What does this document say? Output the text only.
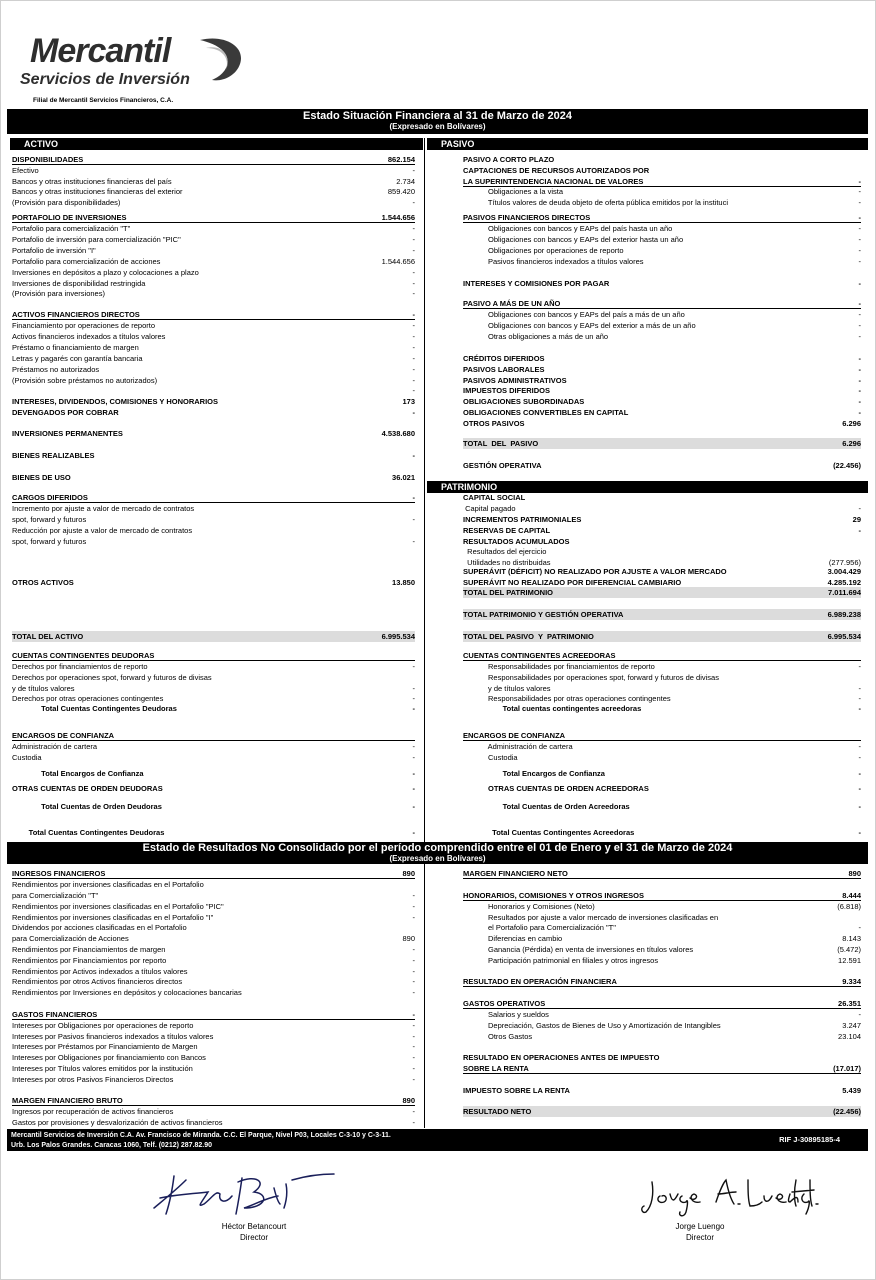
Mercantil
Servicios de Inversión
Filial de Mercantil Servicios Financieros, C.A.
Estado Situación Financiera al 31 de Marzo de 2024
(Expresado en Bolívares)
ACTIVO	PASIVO
PATRIMONIO
DISPONIBILIDADES	862.154
Efectivo	-
Bancos y otras instituciones financieras del país	2.734
Bancos y otras instituciones financieras del exterior	859.420
(Provisión para disponibilidades)	-
PORTAFOLIO DE INVERSIONES	1.544.656
Portafolio para comercialización "T"	-
Portafolio de inversión para comercialización "PIC"	-
Portafolio de inversión "I"	-
Portafolio para comercialización de acciones	1.544.656
Inversiones en depósitos a plazo y colocaciones a plazo	-
Inversiones de disponibilidad restringida	-
(Provisión para inversiones)	-
ACTIVOS FINANCIEROS DIRECTOS	-
Financiamiento por operaciones de reporto	-
Activos financieros indexados a títulos valores	-
Préstamo o financiamiento de margen	-
Letras y pagarés con garantía bancaria	-
Préstamos no autorizados	-
(Provisión sobre préstamos no autorizados)	-
-
INTERESES, DIVIDENDOS, COMISIONES Y HONORARIOS	173
DEVENGADOS POR COBRAR	-
INVERSIONES PERMANENTES	4.538.680
BIENES REALIZABLES	-
BIENES DE USO	36.021
CARGOS DIFERIDOS	-
Incremento por ajuste a valor de mercado de contratos
spot, forward y futuros	-
Reducción por ajuste a valor de mercado de contratos
spot, forward y futuros	-
OTROS ACTIVOS	13.850
TOTAL DEL ACTIVO	6.995.534
CUENTAS CONTINGENTES DEUDORAS
Derechos por financiamientos de reporto	-
Derechos por operaciones spot, forward y futuros de divisas
y de títulos valores	-
Derechos por otras operaciones contingentes	-
Total Cuentas Contingentes Deudoras	-
ENCARGOS DE CONFIANZA
Administración de cartera	-
Custodia	-
Total Encargos de Confianza	-
OTRAS CUENTAS DE ORDEN DEUDORAS	-
Total Cuentas de Orden Deudoras	-
Total Cuentas Contingentes Deudoras	-
PASIVO A CORTO PLAZO
CAPTACIONES DE RECURSOS AUTORIZADOS POR
LA SUPERINTENDENCIA NACIONAL DE VALORES	-
Obligaciones a la vista	-
Títulos valores de deuda objeto de oferta pública emitidos por la instituci	-
PASIVOS FINANCIEROS DIRECTOS	-
Obligaciones con bancos y EAPs del país hasta un año	-
Obligaciones con bancos y EAPs del exterior hasta un año	-
Obligaciones por operaciones de reporto	-
Pasivos financieros indexados a títulos valores	-
INTERESES Y COMISIONES POR PAGAR	-
PASIVO A MÁS DE UN AÑO	-
Obligaciones con bancos y EAPs del país a más de un año	-
Obligaciones con bancos y EAPs del exterior a más de un año	-
Otras obligaciones a más de un año	-
CRÉDITOS DIFERIDOS	-
PASIVOS LABORALES	-
PASIVOS ADMINISTRATIVOS	-
IMPUESTOS DIFERIDOS	-
OBLIGACIONES SUBORDINADAS	-
OBLIGACIONES CONVERTIBLES EN CAPITAL	-
OTROS PASIVOS	6.296
TOTAL  DEL  PASIVO	6.296
GESTIÓN OPERATIVA	(22.456)
CAPITAL SOCIAL
Capital pagado	-
INCREMENTOS PATRIMONIALES	29
RESERVAS DE CAPITAL	-
RESULTADOS ACUMULADOS
Resultados del ejercicio
Utilidades no distribuidas	(277.956)
SUPERÁVIT (DÉFICIT) NO REALIZADO POR AJUSTE A VALOR MERCADO	3.004.429
SUPERÁVIT NO REALIZADO POR DIFERENCIAL CAMBIARIO	4.285.192
TOTAL DEL PATRIMONIO	7.011.694
TOTAL PATRIMONIO Y GESTIÓN OPERATIVA	6.989.238
TOTAL DEL PASIVO  Y  PATRIMONIO	6.995.534
CUENTAS CONTINGENTES ACREEDORAS
Responsabilidades por financiamientos de reporto	-
Responsabilidades por operaciones spot, forward y futuros de divisas
y de títulos valores	-
Responsabilidades por otras operaciones contingentes	-
Total cuentas contingentes acreedoras	-
ENCARGOS DE CONFIANZA
Administración de cartera	-
Custodia	-
Total Encargos de Confianza	-
OTRAS CUENTAS DE ORDEN ACREEDORAS	-
Total Cuentas de Orden Acreedoras	-
Total Cuentas Contingentes Acreedoras	-
INGRESOS FINANCIEROS	890
Rendimientos por inversiones clasificadas en el Portafolio
para Comercialización "T"	-
Rendimientos por inversiones clasificadas en el Portafolio "PIC"	-
Rendimientos por inversiones clasificadas en el Portafolio "I"	-
Dividendos por acciones clasificadas en el Portafolio
para Comercialización de Acciones	890
Rendimientos por Financiamientos de margen	-
Rendimientos por Financiamientos por reporto	-
Rendimientos por Activos indexados a títulos valores	-
Rendimientos por otros Activos financieros directos	-
Rendimientos por Inversiones en depósitos y colocaciones bancarias	-
GASTOS FINANCIEROS	-
Intereses por Obligaciones por operaciones de reporto	-
Intereses por Pasivos financieros indexados a títulos valores	-
Intereses por Préstamos por Financiamiento de Margen	-
Intereses por Obligaciones por financiamiento con Bancos	-
Intereses por Títulos valores emitidos por la institución	-
Intereses por otros Pasivos Financieros Directos	-
MARGEN FINANCIERO BRUTO	890
Ingresos por recuperación de activos financieros	-
Gastos por provisiones y desvalorización de activos financieros	-
MARGEN FINANCIERO NETO	890
HONORARIOS, COMISIONES Y OTROS INGRESOS	8.444
Honorarios y Comisiones (Neto)	(6.818)
Resultados por ajuste a valor mercado de inversiones clasificadas en
el Portafolio para Comercialización "T"	-
Diferencias en cambio	8.143
Ganancia (Pérdida) en venta de inversiones en títulos valores	(5.472)
Participación patrimonial en filiales y otros ingresos	12.591
RESULTADO EN OPERACIÓN FINANCIERA	9.334
GASTOS OPERATIVOS	26.351
Salarios y sueldos	-
Depreciación, Gastos de Bienes de Uso y Amortización de Intangibles	3.247
Otros Gastos	23.104
RESULTADO EN OPERACIONES ANTES DE IMPUESTO
SOBRE LA RENTA	(17.017)
IMPUESTO SOBRE LA RENTA	5.439
RESULTADO NETO	(22.456)
Estado de Resultados No Consolidado por el período comprendido entre el 01 de Enero y el 31 de Marzo de 2024
(Expresado en Bolívares)
Mercantil Servicios de Inversión C.A. Av. Francisco de Miranda. C.C. El Parque, Nivel P03, Locales C-3-10 y C-3-11.
Urb. Los Palos Grandes. Caracas 1060, Telf. (0212) 287.82.90
RIF J-30895185-4
Héctor Betancourt
Director
Jorge Luengo
Director
